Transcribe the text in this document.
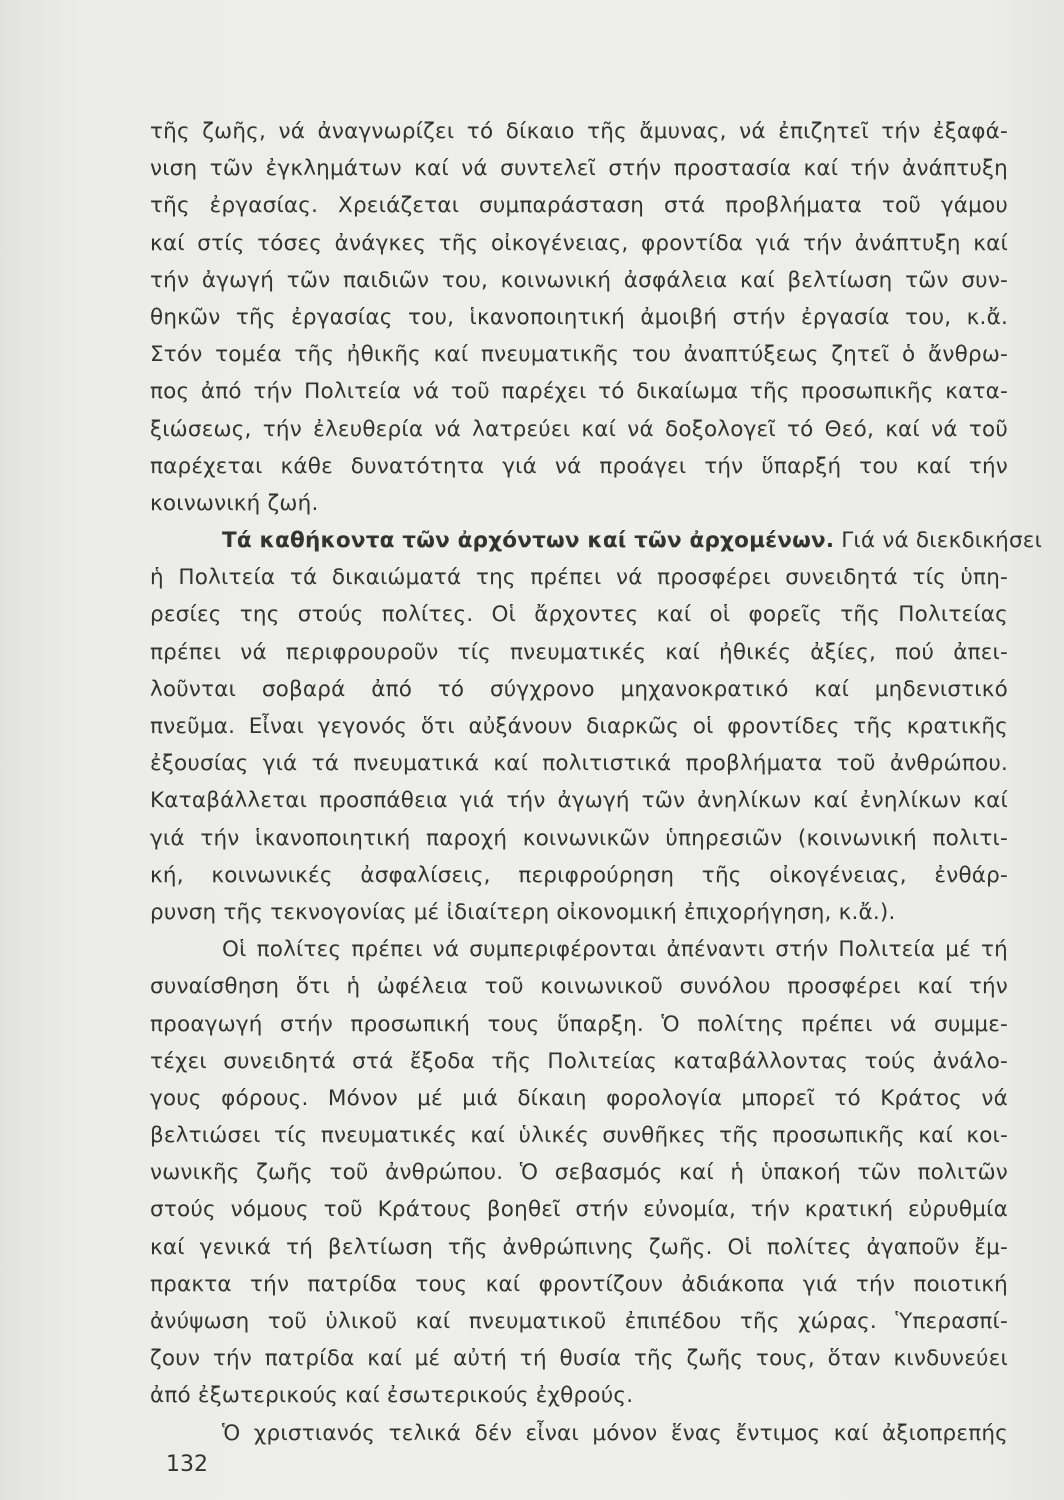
τῆς ζωῆς, νά ἀναγνωρίζει τό δίκαιο τῆς ἄμυνας, νά ἐπιζητεῖ τήν ἐξαφά-
νιση τῶν ἐγκλημάτων καί νά συντελεῖ στήν προστασία καί τήν ἀνάπτυξη
τῆς ἐργασίας. Χρειάζεται συμπαράσταση στά προβλήματα τοῦ γάμου
καί στίς τόσες ἀνάγκες τῆς οἰκογένειας, φροντίδα γιά τήν ἀνάπτυξη καί
τήν ἀγωγή τῶν παιδιῶν του, κοινωνική ἀσφάλεια καί βελτίωση τῶν συν-
θηκῶν τῆς ἐργασίας του, ἱκανοποιητική ἀμοιβή στήν ἐργασία του, κ.ἄ.
Στόν τομέα τῆς ἠθικῆς καί πνευματικῆς του ἀναπτύξεως ζητεῖ ὁ ἄνθρω-
πος ἀπό τήν Πολιτεία νά τοῦ παρέχει τό δικαίωμα τῆς προσωπικῆς κατα-
ξιώσεως, τήν ἐλευθερία νά λατρεύει καί νά δοξολογεῖ τό Θεό, καί νά τοῦ
παρέχεται κάθε δυνατότητα γιά νά προάγει τήν ὕπαρξή του καί τήν
κοινωνική ζωή.
Τά καθήκοντα τῶν ἀρχόντων καί τῶν ἀρχομένων. Γιά νά διεκδικήσει
ἡ Πολιτεία τά δικαιώματά της πρέπει νά προσφέρει συνειδητά τίς ὑπη-
ρεσίες της στούς πολίτες. Οἱ ἄρχοντες καί οἱ φορεῖς τῆς Πολιτείας
πρέπει νά περιφρουροῦν τίς πνευματικές καί ἠθικές ἀξίες, πού ἀπει-
λοῦνται σοβαρά ἀπό τό σύγχρονο μηχανοκρατικό καί μηδενιστικό
πνεῦμα. Εἶναι γεγονός ὅτι αὐξάνουν διαρκῶς οἱ φροντίδες τῆς κρατικῆς
ἐξουσίας γιά τά πνευματικά καί πολιτιστικά προβλήματα τοῦ ἀνθρώπου.
Καταβάλλεται προσπάθεια γιά τήν ἀγωγή τῶν ἀνηλίκων καί ἐνηλίκων καί
γιά τήν ἱκανοποιητική παροχή κοινωνικῶν ὑπηρεσιῶν (κοινωνική πολιτι-
κή, κοινωνικές ἀσφαλίσεις, περιφρούρηση τῆς οἰκογένειας, ἐνθάρ-
ρυνση τῆς τεκνογονίας μέ ἰδιαίτερη οἰκονομική ἐπιχορήγηση, κ.ἄ.).
Οἱ πολίτες πρέπει νά συμπεριφέρονται ἀπέναντι στήν Πολιτεία μέ τή
συναίσθηση ὅτι ἡ ὠφέλεια τοῦ κοινωνικοῦ συνόλου προσφέρει καί τήν
προαγωγή στήν προσωπική τους ὕπαρξη. Ὁ πολίτης πρέπει νά συμμε-
τέχει συνειδητά στά ἔξοδα τῆς Πολιτείας καταβάλλοντας τούς ἀνάλο-
γους φόρους. Μόνον μέ μιά δίκαιη φορολογία μπορεῖ τό Κράτος νά
βελτιώσει τίς πνευματικές καί ὑλικές συνθῆκες τῆς προσωπικῆς καί κοι-
νωνικῆς ζωῆς τοῦ ἀνθρώπου. Ὁ σεβασμός καί ἡ ὑπακοή τῶν πολιτῶν
στούς νόμους τοῦ Κράτους βοηθεῖ στήν εὐνομία, τήν κρατική εὐρυθμία
καί γενικά τή βελτίωση τῆς ἀνθρώπινης ζωῆς. Οἱ πολίτες ἀγαποῦν ἔμ-
πρακτα τήν πατρίδα τους καί φροντίζουν ἀδιάκοπα γιά τήν ποιοτική
ἀνύψωση τοῦ ὑλικοῦ καί πνευματικοῦ ἐπιπέδου τῆς χώρας. Ὑπερασπί-
ζουν τήν πατρίδα καί μέ αὐτή τή θυσία τῆς ζωῆς τους, ὅταν κινδυνεύει
ἀπό ἐξωτερικούς καί ἐσωτερικούς ἐχθρούς.
Ὁ χριστιανός τελικά δέν εἶναι μόνον ἕνας ἔντιμος καί ἀξιοπρεπής
132
